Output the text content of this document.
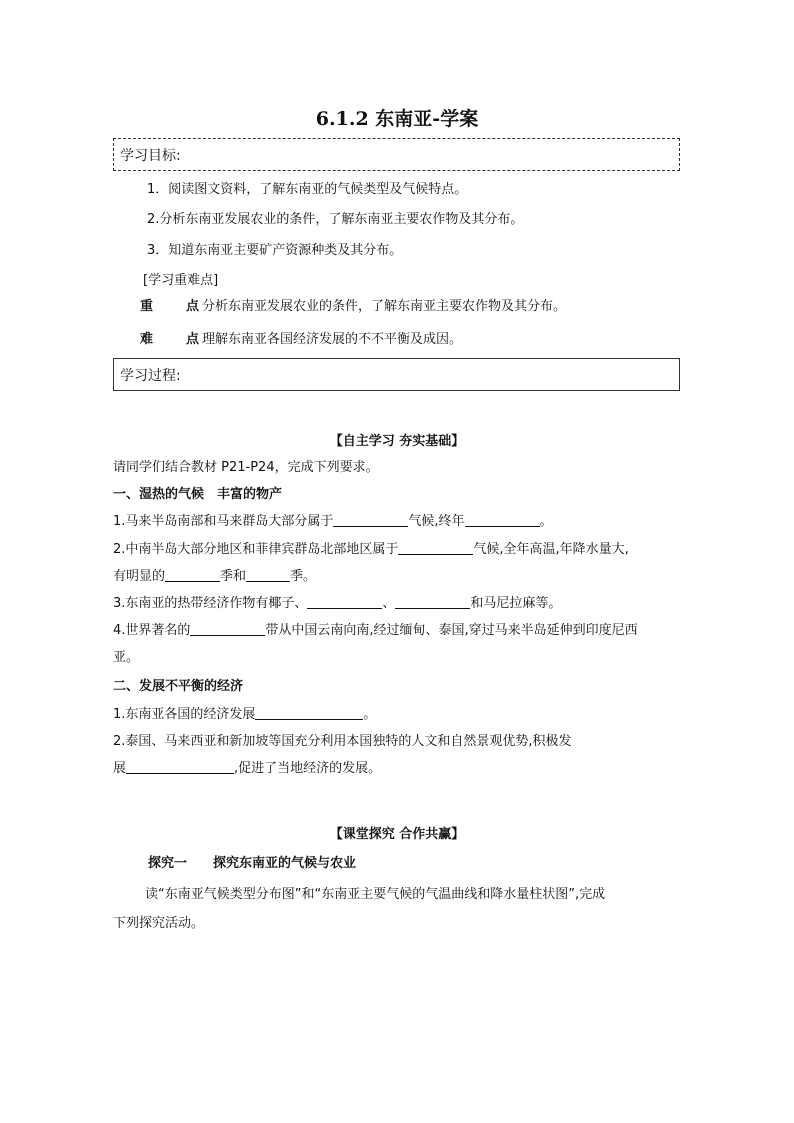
6.1.2 东南亚-学案
学习目标:
1．阅读图文资料，了解东南亚的气候类型及气候特点。
2.分析东南亚发展农业的条件，了解东南亚主要农作物及其分布。
3．知道东南亚主要矿产资源种类及其分布。
[学习重难点]
重　点分析东南亚发展农业的条件，了解东南亚主要农作物及其分布。
难　点理解东南亚各国经济发展的不不平衡及成因。
学习过程:
【自主学习 夯实基础】
请同学们结合教材 P21-P24，完成下列要求。
一、湿热的气候　丰富的物产
1.马来半岛南部和马来群岛大部分属于	气候,终年	。
2.中南半岛大部分地区和菲律宾群岛北部地区属于	气候,全年高温,年降水量大,
有明显的	季和	季。
3.东南亚的热带经济作物有椰子、	、	和马尼拉麻等。
4.世界著名的	带从中国云南向南,经过缅甸、泰国,穿过马来半岛延伸到印度尼西
亚。
二、发展不平衡的经济
1.东南亚各国的经济发展	。
2.泰国、马来西亚和新加坡等国充分利用本国独特的人文和自然景观优势,积极发
展	,促进了当地经济的发展。
【课堂探究 合作共赢】
探究一　　探究东南亚的气候与农业
读“东南亚气候类型分布图”和“东南亚主要气候的气温曲线和降水量柱状图”,完成
下列探究活动。
